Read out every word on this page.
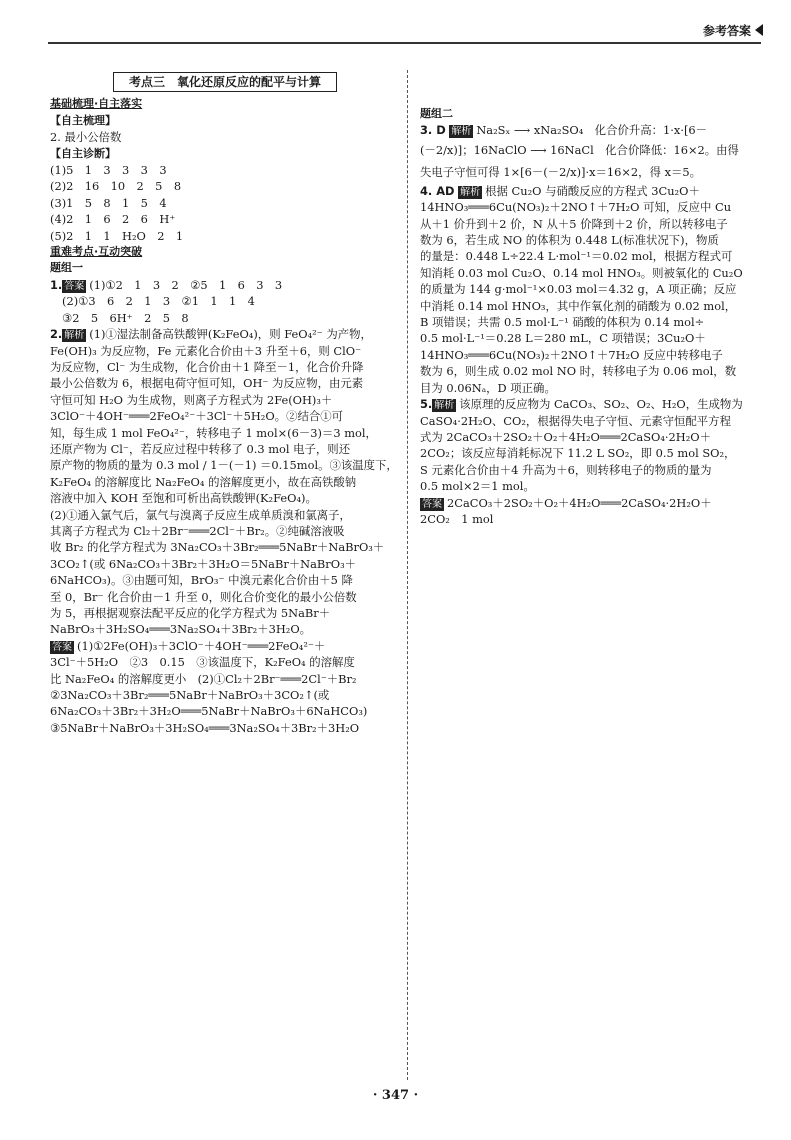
参考答案
考点三　氧化还原反应的配平与计算
基础梳理·自主落实
【自主梳理】
2. 最小公倍数
【自主诊断】
(1)5　1　3　3　3　3
(2)2　16　10　2　5　8
(3)1　5　8　1　5　4
(4)2　1　6　2　6　H⁺
(5)2　1　1　H₂O　2　1
重难考点·互动突破
题组一
1. 答案 (1)①2　1　3　2　②5　1　6　3　3
(2)①3　6　2　1　3　②1　1　1　4
③2　5　6H⁺　2　5　8
2. 解析 (1)①湿法制备高铁酸钾(K₂FeO₄)，则 FeO₄²⁻ 为产物，
Fe(OH)₃ 为反应物，Fe 元素化合价由＋3 升至＋6，则 ClO⁻
为反应物，Cl⁻ 为生成物，化合价由＋1 降至－1，化合价升降
最小公倍数为 6，根据电荷守恒可知，OH⁻ 为反应物，由元素
守恒可知 H₂O 为生成物，则离子方程式为 2Fe(OH)₃＋
3ClO⁻＋4OH⁻═══2FeO₄²⁻＋3Cl⁻＋5H₂O。②结合①可
知，每生成 1 mol FeO₄²⁻，转移电子 1 mol×(6－3)＝3 mol，
还原产物为 Cl⁻，若反应过程中转移了 0.3 mol 电子，则还
原产物的物质的量为 0.3 mol / 1－(－1) ＝0.15mol。③该温度下，
K₂FeO₄ 的溶解度比 Na₂FeO₄ 的溶解度更小，故在高铁酸钠
溶液中加入 KOH 至饱和可析出高铁酸钾(K₂FeO₄)。
(2)①通入氯气后，氯气与溴离子反应生成单质溴和氯离子，
其离子方程式为 Cl₂＋2Br⁻═══2Cl⁻＋Br₂。②纯碱溶液吸
收 Br₂ 的化学方程式为 3Na₂CO₃＋3Br₂═══5NaBr＋NaBrO₃＋
3CO₂↑(或 6Na₂CO₃＋3Br₂＋3H₂O＝5NaBr＋NaBrO₃＋
6NaHCO₃)。③由题可知，BrO₃⁻ 中溴元素化合价由＋5 降
至 0，Br⁻ 化合价由－1 升至 0，则化合价变化的最小公倍数
为 5，再根据观察法配平反应的化学方程式为 5NaBr＋
NaBrO₃＋3H₂SO₄═══3Na₂SO₄＋3Br₂＋3H₂O。
答案 (1)①2Fe(OH)₃＋3ClO⁻＋4OH⁻═══2FeO₄²⁻＋
3Cl⁻＋5H₂O　②3　0.15　③该温度下，K₂FeO₄ 的溶解度
比 Na₂FeO₄ 的溶解度更小　(2)①Cl₂＋2Br⁻═══2Cl⁻＋Br₂
②3Na₂CO₃＋3Br₂═══5NaBr＋NaBrO₃＋3CO₂↑(或
6Na₂CO₃＋3Br₂＋3H₂O═══5NaBr＋NaBrO₃＋6NaHCO₃)
③5NaBr＋NaBrO₃＋3H₂SO₄═══3Na₂SO₄＋3Br₂＋3H₂O
题组二
3. D 解析 Na₂Sₓ ⟶ xNa₂SO₄　化合价升高：1·x·[6－
(－2/x)]；16NaClO ⟶ 16NaCl　化合价降低：16×2。由得
失电子守恒可得 1×[6－(－2/x)]·x＝16×2，得 x＝5。
4. AD 解析 根据 Cu₂O 与硝酸反应的方程式 3Cu₂O＋
14HNO₃═══6Cu(NO₃)₂＋2NO↑＋7H₂O 可知，反应中 Cu
从＋1 价升到＋2 价，N 从＋5 价降到＋2 价，所以转移电子
数为 6，若生成 NO 的体积为 0.448 L(标准状况下)，物质
的量是：0.448 L÷22.4 L·mol⁻¹＝0.02 mol，根据方程式可
知消耗 0.03 mol Cu₂O、0.14 mol HNO₃。则被氧化的 Cu₂O
的质量为 144 g·mol⁻¹×0.03 mol＝4.32 g，A 项正确；反应
中消耗 0.14 mol HNO₃，其中作氧化剂的硝酸为 0.02 mol，
B 项错误；共需 0.5 mol·L⁻¹ 硝酸的体积为 0.14 mol÷
0.5 mol·L⁻¹＝0.28 L＝280 mL，C 项错误；3Cu₂O＋
14HNO₃═══6Cu(NO₃)₂＋2NO↑＋7H₂O 反应中转移电子
数为 6，则生成 0.02 mol NO 时，转移电子为 0.06 mol，数
目为 0.06Nₐ，D 项正确。
5. 解析 该原理的反应物为 CaCO₃、SO₂、O₂、H₂O，生成物为
CaSO₄·2H₂O、CO₂，根据得失电子守恒、元素守恒配平方程
式为 2CaCO₃＋2SO₂＋O₂＋4H₂O═══2CaSO₄·2H₂O＋
2CO₂；该反应每消耗标况下 11.2 L SO₂，即 0.5 mol SO₂，
S 元素化合价由＋4 升高为＋6，则转移电子的物质的量为
0.5 mol×2＝1 mol。
答案 2CaCO₃＋2SO₂＋O₂＋4H₂O═══2CaSO₄·2H₂O＋
2CO₂　1 mol
· 347 ·
